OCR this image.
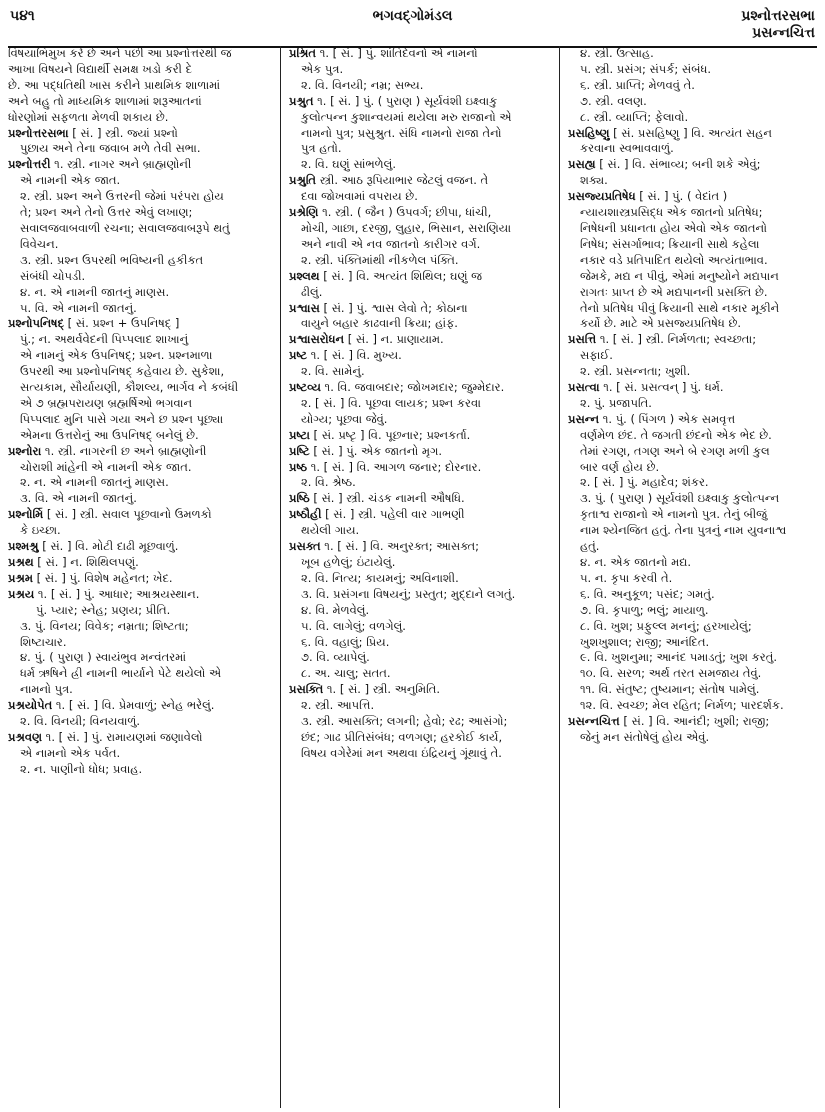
૫૪૧	ભગવદ્ગોમંડલ	પ્રશ્નોત્તરસભા
પ્રસન્નચિત્ત
વિષયાભિમુખ કરે છે અને પછી આ પ્રશ્નોત્તરથી જ
આખા વિષયને વિદ્યાર્થી સમક્ષ ખડો કરી દે
છે. આ પદ્ધતિથી ખાસ કરીને પ્રાથમિક શાળામાં
અને બહુ તો માધ્યમિક શાળામાં શરૂઆતનાં
ધોરણોમાં સફળતા મેળવી શકાય છે.
પ્રશ્નોત્તરસભા [ સં. ] સ્ત્રી. જ્યાં પ્રશ્નો
પુછાય અને તેના જવાબ મળે તેવી સભા.
પ્રશ્નોત્તરી ૧. સ્ત્રી. નાગર અને બ્રાહ્મણોની
એ નામની એક જાત.
૨. સ્ત્રી. પ્રશ્ન અને ઉત્તરની જેમાં પરંપરા હોય
તે; પ્રશ્ન અને તેનો ઉત્તર એવું લખાણ;
સવાલજવાબવાળી રચના; સવાલજવાબરૂપે થતું
વિવેચન.
૩. સ્ત્રી. પ્રશ્ન ઉપરથી ભવિષ્યની હકીકત
સંબંધી ચોપડી.
૪. ન. એ નામની જાતનું માણસ.
૫. વિ. એ નામની જાતનું.
પ્રશ્નોપનિષદ્ [ સં. પ્રશ્ન + ઉપનિષદ્ ]
પું.; ન. અથર્વવેદની પિપ્પલાદ શાખાનું
એ નામનું એક ઉપનિષદ્; પ્રશ્ન. પ્રશ્નમાળા
ઉપરથી આ પ્રશ્નોપનિષદ્ કહેવાય છે. સુકેશા,
સત્યકામ, સૌર્યાયણી, કૌશલ્ય, ભાર્ગવ ને કબંધી
એ ૭ બ્રહ્મપરાયણ બ્રહ્મર્ષિઓ ભગવાન
પિપ્પલાદ મુનિ પાસે ગયા અને છ પ્રશ્ન પૂછ્યા
એમના ઉત્તરોનું આ ઉપનિષદ્ બનેલું છે.
પ્રશ્નોરા ૧. સ્ત્રી. નાગરની છ અને બ્રાહ્મણોની
ચોરાશી માંહેની એ નામની એક જાત.
૨. ન. એ નામની જાતનું માણસ.
૩. વિ. એ નામની જાતનું.
પ્રશ્નોર્મિ [ સં. ] સ્ત્રી. સવાલ પૂછવાનો ઉમળકો
કે ઇચ્છા.
પ્રશ્મશ્રુ [ સં. ] વિ. મોટી દાઢી મૂછવાળું.
પ્રશ્રથ [ સં. ] ન. શિથિલપણું.
પ્રશ્રમ [ સં. ] પું. વિશેષ મહેનત; ખેદ.
પ્રશ્રય ૧. [ સં. ] પું. આધાર; આશ્રયસ્થાન.
પું. પ્યાર; સ્નેહ; પ્રણય; પ્રીતિ.
૩. પું. વિનય; વિવેક; નમ્રતા; શિષ્ટતા;
શિષ્ટાચાર.
૪. પું. ( પુરાણ ) સ્વાયંભુવ મન્વંતરમાં
ધર્મ ઋષિને હ્રી નામની ભાર્યાને પેટે થયેલો એ
નામનો પુત્ર.
પ્રશ્રયોપેત ૧. [ સં. ] વિ. પ્રેમવાળું; સ્નેહ ભરેલું.
૨. વિ. વિનયી; વિનયવાળું.
પ્રશ્રવણ ૧. [ સં. ] પું. રામાયણમાં જણાવેલો
એ નામનો એક પર્વત.
૨. ન. પાણીનો ધોધ; પ્રવાહ.
પ્રશ્રિત ૧. [ સં. ] પું. શાંતિદેવનો એ નામનો
એક પુત્ર.
૨. વિ. વિનયી; નમ્ર; સભ્ય.
પ્રશ્રુત ૧. [ સં. ] પું. ( પુરાણ ) સૂર્યવંશી ઇક્ષ્વાકુ
કુલોત્પન્ન કુશાન્વયમાં થયેલા મરુ રાજાનો એ
નામનો પુત્ર; પ્રસુશ્રુત. સંધિ નામનો રાજા તેનો
પુત્ર હતો.
૨. વિ. ઘણું સાંભળેલું.
પ્રશ્રુતિ સ્ત્રી. આઠ રૂપિયાભાર જેટલું વજન. તે
દવા જોખવામાં વપરાય છે.
પ્રશ્રેણિ ૧. સ્ત્રી. ( જૈન ) ઉપવર્ગ; છીપા, ધાંચી,
મોચી, ગાછા, દરજી, લુહાર, ભિસાન, સરાણિયા
અને નાવી એ નવ જાતનો કારીગર વર્ગ.
૨. સ્ત્રી. પંક્તિમાંથી નીકળેલ પંક્તિ.
પ્રશ્લથ [ સં. ] વિ. અત્યંત શિથિલ; ઘણું જ
ઢીલું.
પ્રશ્વાસ [ સં. ] પું. શ્વાસ લેવો તે; કોઠાના
વાયુને બહાર કાઢવાની ક્રિયા; હાંફ.
પ્રશ્વાસરોધન [ સં. ] ન. પ્રાણાયામ.
પ્રષ્ટ ૧. [ સં. ] વિ. મુખ્ય.
૨. વિ. સામેનું.
પ્રષ્ટવ્ય ૧. વિ. જવાબદાર; જોખમદાર; જુમ્મેદાર.
૨. [ સં. ] વિ. પૂછવા લાયક; પ્રશ્ન કરવા
યોગ્ય; પૂછવા જેવું.
પ્રષ્ટા [ સં. પ્રષ્ટૃ ] વિ. પૂછનાર; પ્રશ્નકર્તા.
પ્રષ્ટિ [ સં. ] પું. એક જાતનો મૃગ.
પ્રષ્ઠ ૧. [ સં. ] વિ. આગળ જનાર; દોરનાર.
૨. વિ. શ્રેષ્ઠ.
પ્રષ્ઠિ [ સં. ] સ્ત્રી. ચંડક નામની ઔષધિ.
પ્રષ્ઠૌહી [ સં. ] સ્ત્રી. પહેલી વાર ગાભણી
થયેલી ગાય.
પ્રસક્ત ૧. [ સં. ] વિ. અનુરક્ત; આસક્ત;
ખૂબ હળેલું; ઇંટાયેલું.
૨. વિ. નિત્ય; કાયમનું; અવિનાશી.
૩. વિ. પ્રસંગના વિષયનું; પ્રસ્તુત; મુદ્દાને લગતું.
૪. વિ. મેળવેલું.
૫. વિ. લાગેલું; વળગેલું.
૬. વિ. વહાલું; પ્રિય.
૭. વિ. વ્યાપેલું.
૮. અ. ચાલુ; સતત.
પ્રસક્તિ ૧. [ સં. ] સ્ત્રી. અનુમિતિ.
૨. સ્ત્રી. આપત્તિ.
૩. સ્ત્રી. આસક્તિ; લગની; હેવો; રઢ; આસંગો;
છંદ; ગાઢ પ્રીતિસંબંધ; વળગણ; હરકોઈ કાર્ય,
વિષય વગેરેમાં મન અથવા ઇંદ્રિયનું ગૂંથાવું તે.
૪. સ્ત્રી. ઉત્સાહ.
૫. સ્ત્રી. પ્રસંગ; સંપર્ક; સંબંધ.
૬. સ્ત્રી. પ્રાપ્તિ; મેળવવું તે.
૭. સ્ત્રી. વલણ.
૮. સ્ત્રી. વ્યાપ્તિ; ફેલાવો.
પ્રસહિષ્ણુ [ સં. પ્રસહિષ્ણુ ] વિ. અત્યંત સહન
કરવાના સ્વભાવવાળું.
પ્રસહ્ય [ સં. ] વિ. સંભાવ્ય; બની શકે એવું;
શક્ય.
પ્રસજ્યપ્રતિષેધ [ સં. ] પું. ( વેદાંત )
ન્યાયશાસ્ત્રપ્રસિદ્ધ એક જાતનો પ્રતિષેધ;
નિષેધની પ્રધાનતા હોય એવો એક જાતનો
નિષેધ; સંસર્ગાભાવ; ક્રિયાની સાથે કહેલા
નકાર વડે પ્રતિપાદિત થયેલો અત્યંતાભાવ.
જેમકે, મદ્ય ન પીવું, એમાં મનુષ્યોને મદ્યપાન
રાગતઃ પ્રાપ્ત છે એ મદ્યપાનની પ્રસક્તિ છે.
તેનો પ્રતિષેધ પીવું ક્રિયાની સાથે નકાર મૂકીને
કર્યો છે. માટે એ પ્રસજ્યપ્રતિષેધ છે.
પ્રસત્તિ ૧. [ સં. ] સ્ત્રી. નિર્મળતા; સ્વચ્છતા;
સફાઈ.
૨. સ્ત્રી. પ્રસન્નતા; ખુશી.
પ્રસત્વા ૧. [ સં. પ્રસત્વન્ ] પું. ધર્મ.
૨. પું. પ્રજાપતિ.
પ્રસન્ન ૧. પું. ( પિંગળ ) એક સમવૃત્ત
વર્ણમેળ છંદ. તે જગતી છંદનો એક ભેદ છે.
તેમાં રગણ, તગણ અને બે રગણ મળી કુલ
બાર વર્ણ હોય છે.
૨. [ સં. ] પું. મહાદેવ; શંકર.
૩. પું. ( પુરાણ ) સૂર્યવંશી ઇક્ષ્વાકુ કુલોત્પન્ન
કૃતાશ્વ રાજાનો એ નામનો પુત્ર. તેનું બીજું
નામ શ્યેનજિત હતું. તેના પુત્રનું નામ યુવનાશ્વ
હતું.
૪. ન. એક જાતનો મદ્ય.
૫. ન. કૃપા કરવી તે.
૬. વિ. અનુકૂળ; પસંદ; ગમતું.
૭. વિ. કૃપાળુ; ભલું; માયાળુ.
૮. વિ. ખુશ; પ્રફુલ્લ મનનું; હરખાયેલું;
ખુશખુશાલ; રાજી; આનંદિત.
૯. વિ. ખુશનુમા; આનંદ પમાડતું; ખુશ કરતું.
૧૦. વિ. સરળ; અર્થ તરત સમજાય તેવું.
૧૧. વિ. સંતુષ્ટ; તુષ્યમાન; સંતોષ પામેલું.
૧૨. વિ. સ્વચ્છ; મેલ રહિત; નિર્મળ; પારદર્શક.
પ્રસન્નચિત્ત [ સં. ] વિ. આનંદી; ખુશી; રાજી;
જેનું મન સંતોષેલું હોય એવું.
